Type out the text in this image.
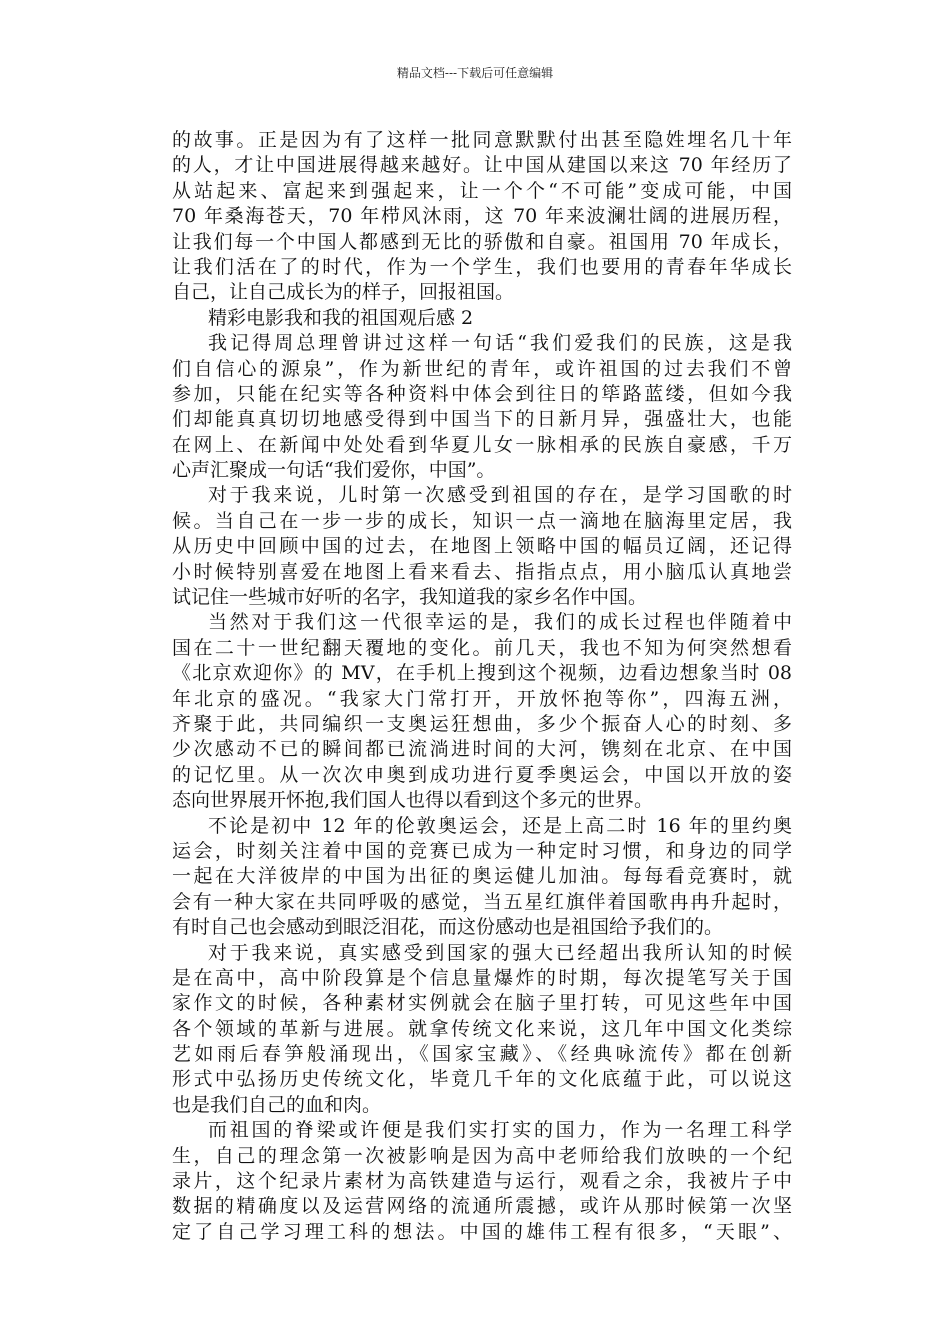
精品文档---下载后可任意编辑
的故事。正是因为有了这样一批同意默默付出甚至隐姓埋名几十年
的人，才让中国进展得越来越好。让中国从建国以来这 70 年经历了
从站起来、富起来到强起来，让一个个“不可能”变成可能，中国
70 年桑海苍天，70 年栉风沐雨，这 70 年来波澜壮阔的进展历程，
让我们每一个中国人都感到无比的骄傲和自豪。祖国用 70 年成长，
让我们活在了的时代，作为一个学生，我们也要用的青春年华成长
自己，让自己成长为的样子，回报祖国。
精彩电影我和我的祖国观后感 2
我记得周总理曾讲过这样一句话“我们爱我们的民族，这是我
们自信心的源泉”，作为新世纪的青年，或许祖国的过去我们不曾
参加，只能在纪实等各种资料中体会到往日的筚路蓝缕，但如今我
们却能真真切切地感受得到中国当下的日新月异，强盛壮大，也能
在网上、在新闻中处处看到华夏儿女一脉相承的民族自豪感，千万
心声汇聚成一句话“我们爱你，中国”。
对于我来说，儿时第一次感受到祖国的存在，是学习国歌的时
候。当自己在一步一步的成长，知识一点一滴地在脑海里定居，我
从历史中回顾中国的过去，在地图上领略中国的幅员辽阔，还记得
小时候特别喜爱在地图上看来看去、指指点点，用小脑瓜认真地尝
试记住一些城市好听的名字，我知道我的家乡名作中国。
当然对于我们这一代很幸运的是，我们的成长过程也伴随着中
国在二十一世纪翻天覆地的变化。前几天，我也不知为何突然想看
《北京欢迎你》的 MV，在手机上搜到这个视频，边看边想象当时 08
年北京的盛况。“我家大门常打开，开放怀抱等你”，四海五洲，
齐聚于此，共同编织一支奥运狂想曲，多少个振奋人心的时刻、多
少次感动不已的瞬间都已流淌进时间的大河，镌刻在北京、在中国
的记忆里。从一次次申奥到成功进行夏季奥运会，中国以开放的姿
态向世界展开怀抱,我们国人也得以看到这个多元的世界。
不论是初中 12 年的伦敦奥运会，还是上高二时 16 年的里约奥
运会，时刻关注着中国的竞赛已成为一种定时习惯，和身边的同学
一起在大洋彼岸的中国为出征的奥运健儿加油。每每看竞赛时，就
会有一种大家在共同呼吸的感觉，当五星红旗伴着国歌冉冉升起时，
有时自己也会感动到眼泛泪花，而这份感动也是祖国给予我们的。
对于我来说，真实感受到国家的强大已经超出我所认知的时候
是在高中，高中阶段算是个信息量爆炸的时期，每次提笔写关于国
家作文的时候，各种素材实例就会在脑子里打转，可见这些年中国
各个领域的革新与进展。就拿传统文化来说，这几年中国文化类综
艺如雨后春笋般涌现出，《国家宝藏》、《经典咏流传》都在创新
形式中弘扬历史传统文化，毕竟几千年的文化底蕴于此，可以说这
也是我们自己的血和肉。
而祖国的脊梁或许便是我们实打实的国力，作为一名理工科学
生，自己的理念第一次被影响是因为高中老师给我们放映的一个纪
录片，这个纪录片素材为高铁建造与运行，观看之余，我被片子中
数据的精确度以及运营网络的流通所震撼，或许从那时候第一次坚
定了自己学习理工科的想法。中国的雄伟工程有很多，“天眼”、
